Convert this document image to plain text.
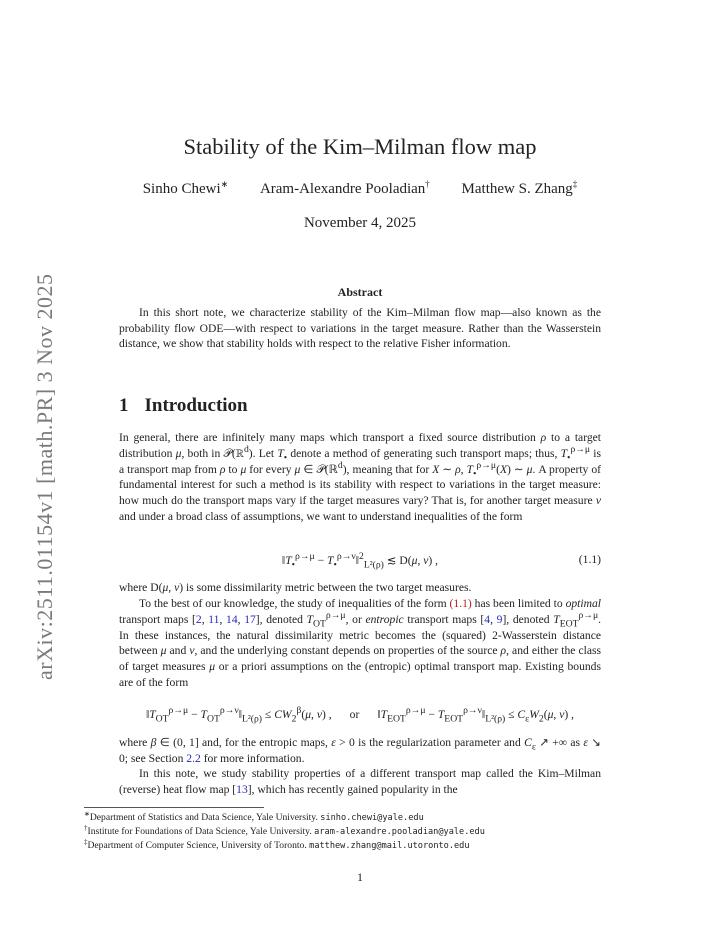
arXiv:2511.01154v1 [math.PR] 3 Nov 2025
Stability of the Kim–Milman flow map
Sinho Chewi∗ Aram-Alexandre Pooladian† Matthew S. Zhang‡
November 4, 2025
Abstract
In this short note, we characterize stability of the Kim–Milman flow map—also known as the probability flow ODE—with respect to variations in the target measure. Rather than the Wasserstein distance, we show that stability holds with respect to the relative Fisher information.
1 Introduction
In general, there are infinitely many maps which transport a fixed source distribution ρ to a target distribution μ, both in 𝒫(ℝ$^d$). Let $T_•$ denote a method of generating such transport maps; thus, $T_•^{\rho\to\mu}$ is a transport map from ρ to μ for every μ ∈ 𝒫(ℝ$^d$), meaning that for X ∼ ρ, $T_•^{\rho\to\mu}(X)$ ∼ μ. A property of fundamental interest for such a method is its stability with respect to variations in the target measure: how much do the transport maps vary if the target measures vary? That is, for another target measure ν and under a broad class of assumptions, we want to understand inequalities of the form
$‖T_•^{\rho\to\mu}$ − $T_•^{\rho\to\nu}‖^2_{L^2(\rho)}$ ≲ D(μ, ν) ,	(1.1)
where D(μ, ν) is some dissimilarity metric between the two target measures.
To the best of our knowledge, the study of inequalities of the form (1.1) has been limited to optimal transport maps [2, 11, 14, 17], denoted $T_{OT}^{\rho\to\mu}$, or entropic transport maps [4, 9], denoted $T_{EOT}^{\rho\to\mu}$. In these instances, the natural dissimilarity metric becomes the (squared) 2-Wasserstein distance between μ and ν, and the underlying constant depends on properties of the source ρ, and either the class of target measures μ or a priori assumptions on the (entropic) optimal transport map. Existing bounds are of the form
$‖T_{OT}^{\rho\to\mu}$ − $T_{OT}^{\rho\to\nu}‖_{L^2(\rho)} \le CW_2^\beta(\mu$, ν) , or $‖T_{EOT}^{\rho\to\mu}$ − $T_{EOT}^{\rho\to\nu}‖_{L^2(\rho)} \le C_\varepsilon W_2(\mu$, ν) ,
where β ∈ (0, 1] and, for the entropic maps, ε > 0 is the regularization parameter and $C_\varepsilon$ ↗ +∞ as ε ↘ 0; see Section 2.2 for more information.
In this note, we study stability properties of a different transport map called the Kim–Milman (reverse) heat flow map [13], which has recently gained popularity in the
∗Department of Statistics and Data Science, Yale University. sinho.chewi@yale.edu
†Institute for Foundations of Data Science, Yale University. aram-alexandre.pooladian@yale.edu
‡Department of Computer Science, University of Toronto. matthew.zhang@mail.utoronto.edu
1
